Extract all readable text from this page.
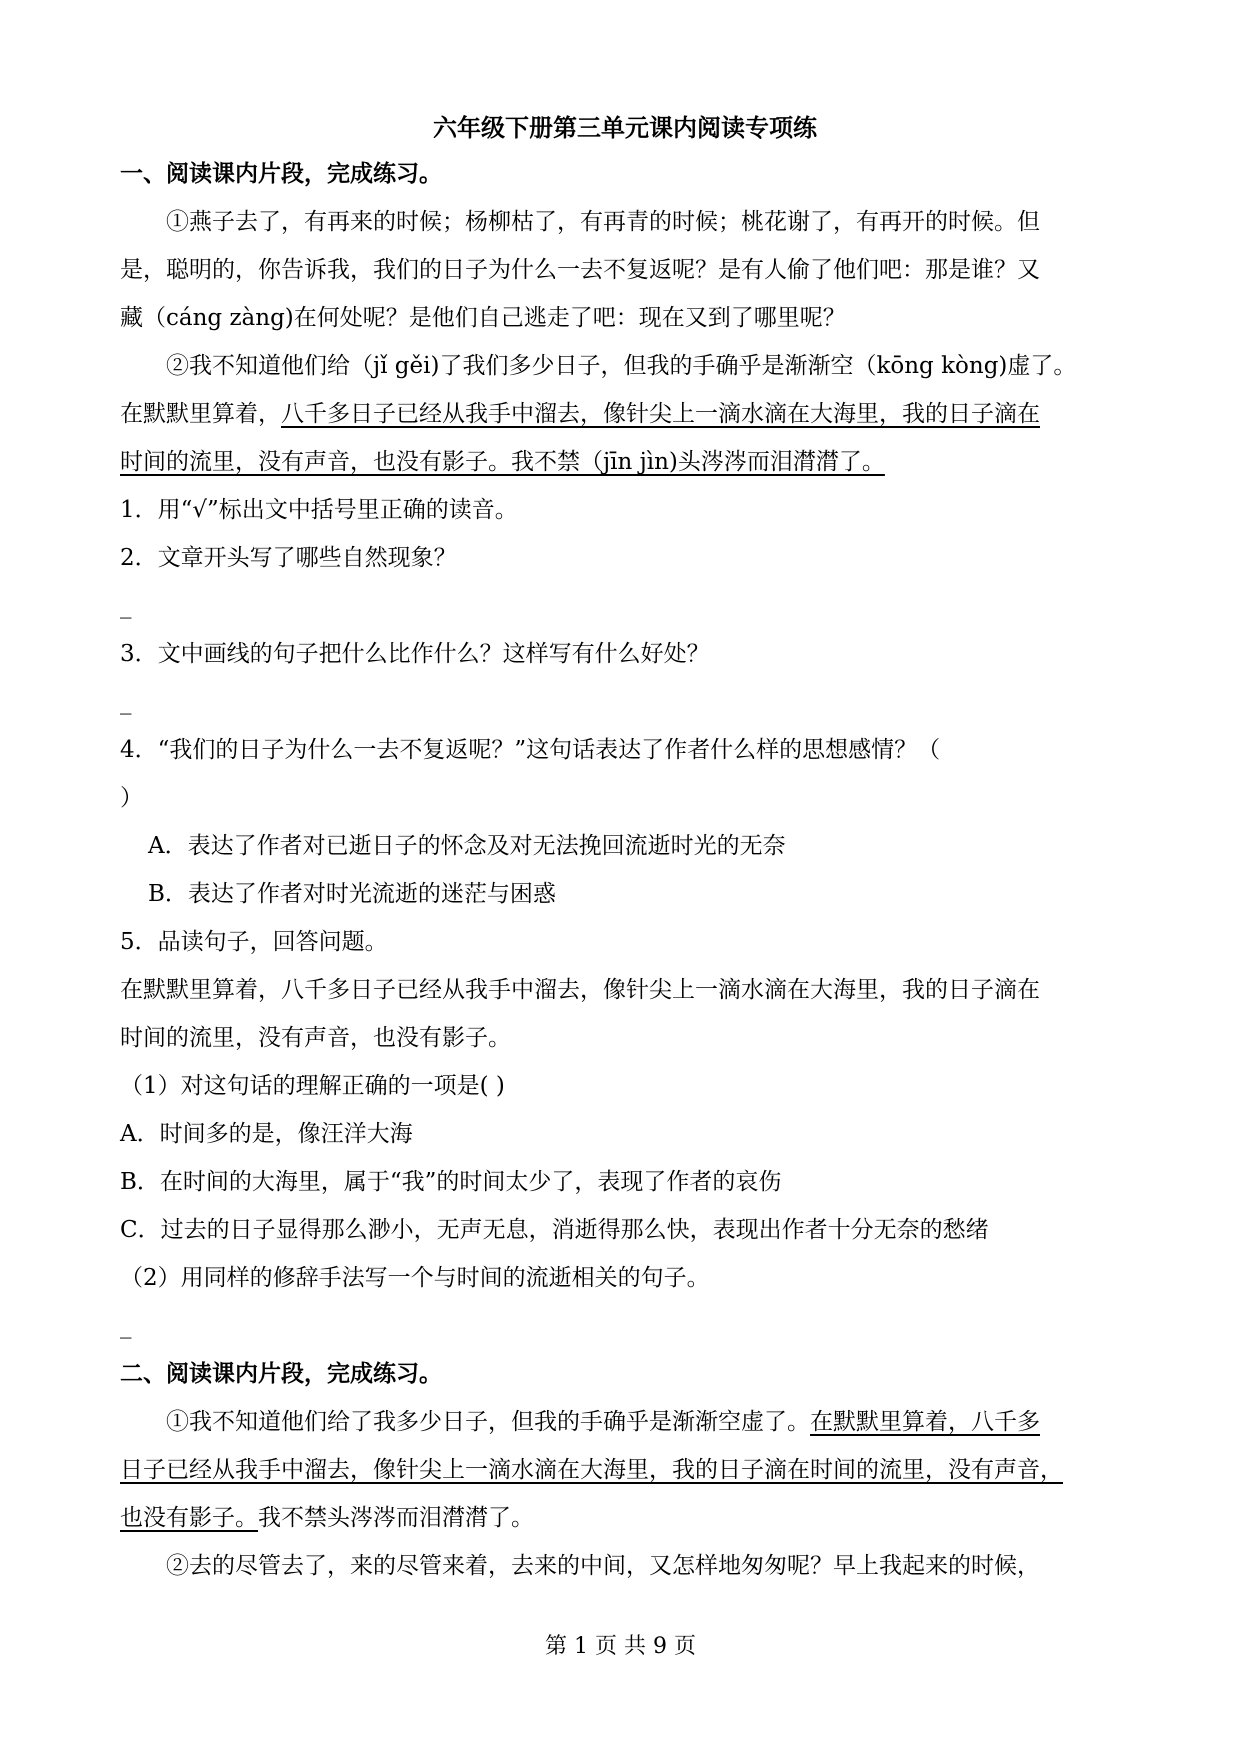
六年级下册第三单元课内阅读专项练
一、阅读课内片段，完成练习。
①燕子去了，有再来的时候；杨柳枯了，有再青的时候；桃花谢了，有再开的时候。但
是，聪明的，你告诉我，我们的日子为什么一去不复返呢？是有人偷了他们吧：那是谁？又
藏（cáng zàng)在何处呢？是他们自己逃走了吧：现在又到了哪里呢？
②我不知道他们给（jǐ gěi)了我们多少日子，但我的手确乎是渐渐空（kōng kòng)虚了。
在默默里算着，八千多日子已经从我手中溜去，像针尖上一滴水滴在大海里，我的日子滴在
时间的流里，没有声音，也没有影子。我不禁（jīn jìn)头涔涔而泪潸潸了。
1．用“√”标出文中括号里正确的读音。
2．文章开头写了哪些自然现象？
_
3．文中画线的句子把什么比作什么？这样写有什么好处？
_
4．“我们的日子为什么一去不复返呢？”这句话表达了作者什么样的思想感情？（
）
A．表达了作者对已逝日子的怀念及对无法挽回流逝时光的无奈
B．表达了作者对时光流逝的迷茫与困惑
5．品读句子，回答问题。
在默默里算着，八千多日子已经从我手中溜去，像针尖上一滴水滴在大海里，我的日子滴在
时间的流里，没有声音，也没有影子。
（1）对这句话的理解正确的一项是( )
A．时间多的是，像汪洋大海
B．在时间的大海里，属于“我”的时间太少了，表现了作者的哀伤
C．过去的日子显得那么渺小，无声无息，消逝得那么快，表现出作者十分无奈的愁绪
（2）用同样的修辞手法写一个与时间的流逝相关的句子。
_
二、阅读课内片段，完成练习。
①我不知道他们给了我多少日子，但我的手确乎是渐渐空虚了。在默默里算着，八千多
日子已经从我手中溜去，像针尖上一滴水滴在大海里，我的日子滴在时间的流里，没有声音，
也没有影子。我不禁头涔涔而泪潸潸了。
②去的尽管去了，来的尽管来着，去来的中间，又怎样地匆匆呢？早上我起来的时候，
第 1 页 共 9 页
